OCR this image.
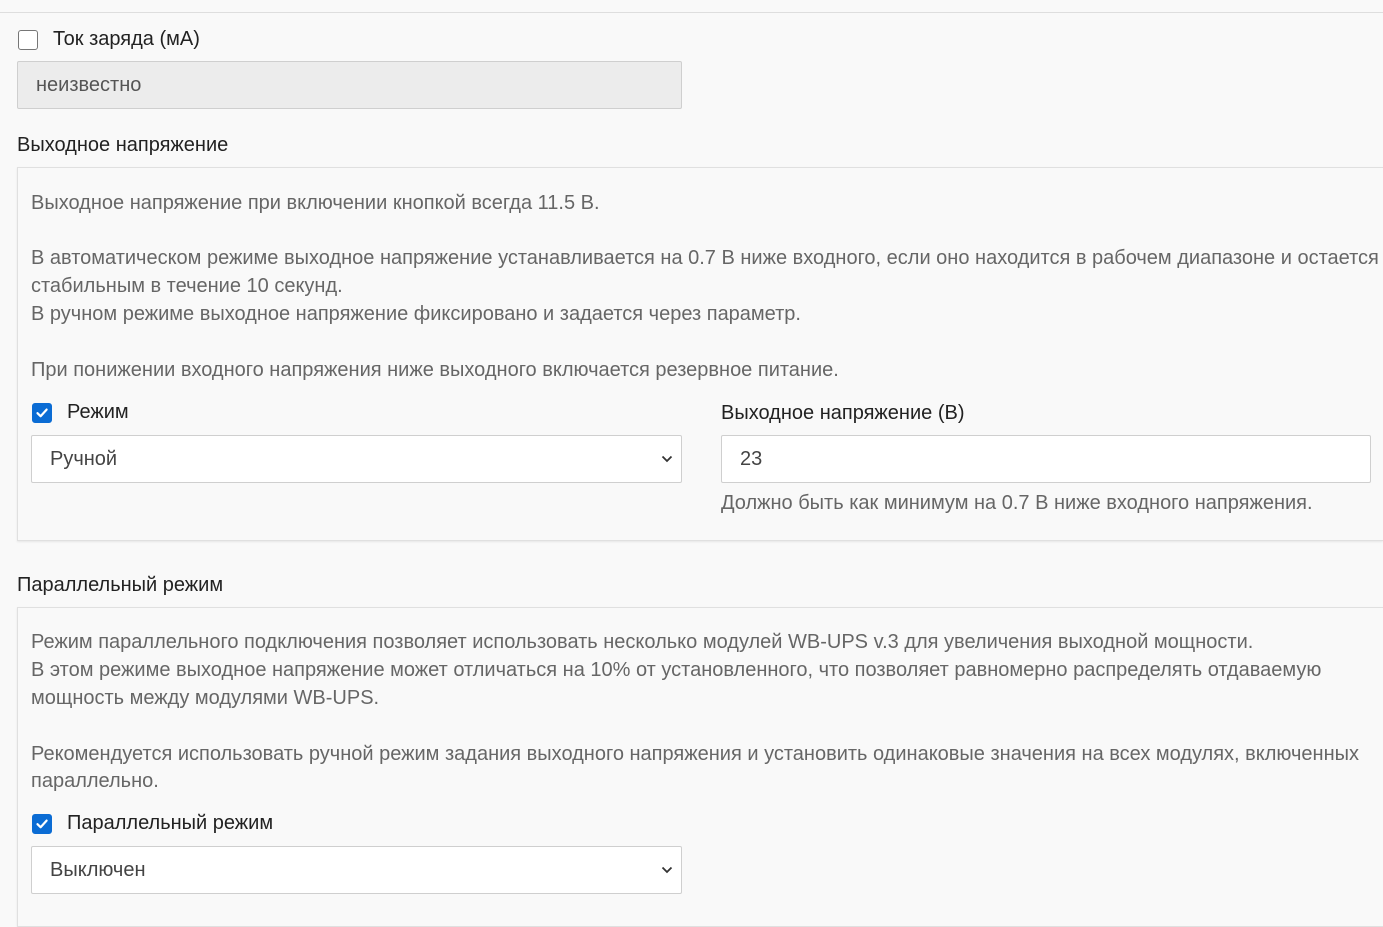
Ток заряда (мА)
неизвестно
Выходное напряжение

Выходное напряжение при включении кнопкой всегда 11.5 В.

В автоматическом режиме выходное напряжение устанавливается на 0.7 В ниже входного, если оно находится в рабочем диапазоне и остается

стабильным в течение 10 секунд.

В ручном режиме выходное напряжение фиксировано и задается через параметр.

При понижении входного напряжения ниже выходного включается резервное питание.

Режим
Ручной
Выходное напряжение (В)
23
Должно быть как минимум на 0.7 В ниже входного напряжения.
Параллельный режим

Режим параллельного подключения позволяет использовать несколько модулей WB-UPS v.3 для увеличения выходной мощности.

В этом режиме выходное напряжение может отличаться на 10% от установленного, что позволяет равномерно распределять отдаваемую

мощность между модулями WB-UPS.

Рекомендуется использовать ручной режим задания выходного напряжения и установить одинаковые значения на всех модулях, включенных

параллельно.

Параллельный режим
Выключен
